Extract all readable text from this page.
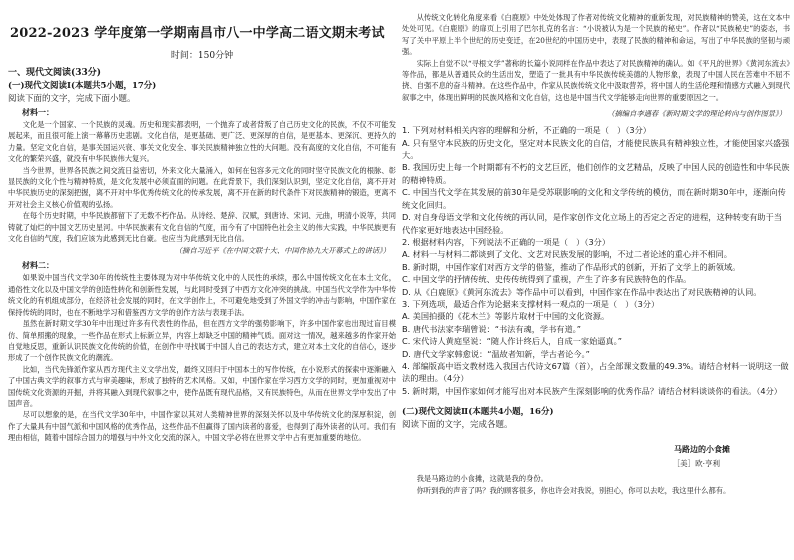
2022-2023 学年度第一学期南昌市八一中学高二语文期末考试
时间：150分钟
一、现代文阅读(33分)
(一)现代文阅读Ⅰ(本题共5小题，17分)
阅读下面的文字，完成下面小题。
材料一：

文化是一个国家、一个民族的灵魂。历史和现实都表明，一个抛弃了或者背叛了自己历史文化的民族，不仅不可能发展起来，而且很可能上演一幕幕历史悲剧。文化自信，是更基础、更广泛、更深厚的自信，是更基本、更深沉、更持久的力量。坚定文化自信，是事关国运兴衰、事关文化安全、事关民族精神独立性的大问题。没有高度的文化自信，不可能有文化的繁荣兴盛，就没有中华民族伟大复兴。

当今世界，世界各民族之间交流日益密切，外来文化大量涌入，如何在包容多元文化的同时坚守民族文化的根脉、彰显民族的文化个性与精神特质，是文化发展中必须直面的问题。在此背景下，我们深刻认识到，坚定文化自信，离不开对中华民族历史的深刻把握，离不开对中华优秀传统文化的传承发展，离不开在新的时代条件下对民族精神的锻造，更离不开对社会主义核心价值观的弘扬。

在每个历史时期，中华民族都留下了无数不朽作品。从诗经、楚辞、汉赋，到唐诗、宋词、元曲，明清小说等，共同铸就了灿烂的中国文艺历史星河。中华民族素有文化自信的气度，而今有了中国特色社会主义的伟大实践，中华民族更有文化自信的气度，我们应该为此感到无比自豪。也应当为此感到无比自信。

（摘自习近平《在中国文联十大、中国作协九大开幕式上的讲话》）
材料二：

如果说中国当代文学30年的传统性主要体现为对中华传统文化中的人民性的承续，那么中国传统文化在本土文化，通俗性文化以及中国文学的创造性转化和创新性发展，与此同时受到了中西方文化冲突的挑战。中国当代文学作为中华传统文化的有机组成部分，在经济社会发展的同时，在文学创作上，不可避免地受到了外国文学的冲击与影响，中国作家在保持传统的同时，也在不断地学习和借鉴西方文学的创作方法与表现手法。

虽然在新时期文学30年中出现过许多有代表性的作品，但在西方文学的强势影响下，许多中国作家也出现过盲目模仿、简单照搬的现象，一些作品在形式上标新立异，内容上却缺乏中国的精神气质。面对这一情况，越来越多的作家开始自觉地反思，重新认识民族文化传统的价值，在创作中寻找属于中国人自己的表达方式，建立对本土文化的自信心，逐步形成了一个创作民族文化的潮流。

比如，当代先锋派作家从西方现代主义文学出发，最终又回归于中国本土的写作传统，在小说形式的探索中逐渐融入了中国古典文学的叙事方式与审美趣味，形成了独特的艺术风格。又如，中国作家在学习西方文学的同时，更加重视对中国传统文化资源的开掘，并将其融入到现代叙事之中，使作品既有现代品格，又有民族特色，从而在世界文学中发出了中国声音。

尽可以想象的是，在当代文学30年中，中国作家以其对人类精神世界的深刻关怀以及中华传统文化的深厚积淀，创作了大量具有中国气派和中国风格的优秀作品，这些作品不但赢得了国内读者的喜爱，也得到了海外读者的认可。我们有理由相信，随着中国综合国力的增强与中外文化交流的深入，中国文学必将在世界文学中占有更加重要的地位。

从传统文化转化角度来看《白鹿原》中处处体现了作者对传统文化精神的重新发现，对民族精神的赞美，这在文本中处处可见。《白鹿原》的扉页上引用了巴尔扎克的名言：“小说被认为是一个民族的秘史”。作者以“民族秘史”的姿态，书写了关中平原上半个世纪的历史变迁，在20世纪的中国历史中，表现了民族的精神和命运，写出了中华民族的坚韧与顽强。

实际上自觉不以“寻根文学”著称的长篇小说同样在作品中表达了对民族精神的确认。如《平凡的世界》《黄河东流去》等作品，都是从普通民众的生活出发，塑造了一批具有中华民族传统美德的人物形象，表现了中国人民在苦难中不屈不挠、自强不息的奋斗精神。在这些作品中，作家从民族传统文化中汲取营养，将中国人的生活伦理和情感方式融入到现代叙事之中，体现出鲜明的民族风格和文化自信，这也是中国当代文学能够走向世界的重要原因之一。

（摘编自李遇春《新时期文学的理论转向与创作图景》）

1. 下列对材料相关内容的理解和分析，不正确的一项是（　）（3分）

A. 只有坚守本民族的历史文化，坚定对本民族文化的自信，才能使民族具有精神独立性，才能使国家兴盛强大。

B. 我国历史上每一个时期都有不朽的文艺巨匠，他们创作的文艺精品，反映了中国人民的创造性和中华民族的精神特质。

C. 中国当代文学在其发展的前30年是受苏联影响的文化和文学传统的模仿，而在新时期30年中，逐渐向传统文化回归。

D. 对自身母语文学和文化传统的再认同，是作家创作文化立场上的否定之否定的进程，这种转变有助于当代作家更好地表达中国经验。

2. 根据材料内容，下列说法不正确的一项是（　）（3分）

A. 材料一与材料二都谈到了文化、文艺对民族发展的影响，不过二者论述的重心并不相同。

B. 新时期，中国作家们对西方文学的借鉴，推动了作品形式的创新，开拓了文学上的新领域。

C. 中国文学的抒情传统、史传传统得到了重视，产生了许多有民族特色的作品。

D. 从《白鹿原》《黄河东流去》等作品中可以看到，中国作家在作品中表达出了对民族精神的认同。

3. 下列选项，最适合作为论据来支撑材料一观点的一项是（　）（3分）

A. 美国拍摄的《花木兰》等影片取材于中国的文化资源。

B. 唐代书法家李瑞曾说：“书法有魂，学书有道。”

C. 宋代诗人黄庭坚说：“随人作计终后人，自成一家始逼真。”

D. 唐代文学家韩愈说：“温故者知新，学古者论今。”

4. 部编版高中语文教材选入我国古代诗文67篇（首），占全部课文数量的49.3%。请结合材料一说明这一做法的理由。（4分）

5. 新时期，中国作家如何才能写出对本民族产生深刻影响的优秀作品？请结合材料谈谈你的看法。（4分）

(二)现代文阅读Ⅱ(本题共4小题，16分)
阅读下面的文字，完成各题。
马路边的小食摊
［美］欧·亨利

我是马路边的小食摊，这就是我的身份。

你听到我的声音了吗？我的顾客很多，你也许会对我说，别担心，你可以去吃，我这里什么都有。
